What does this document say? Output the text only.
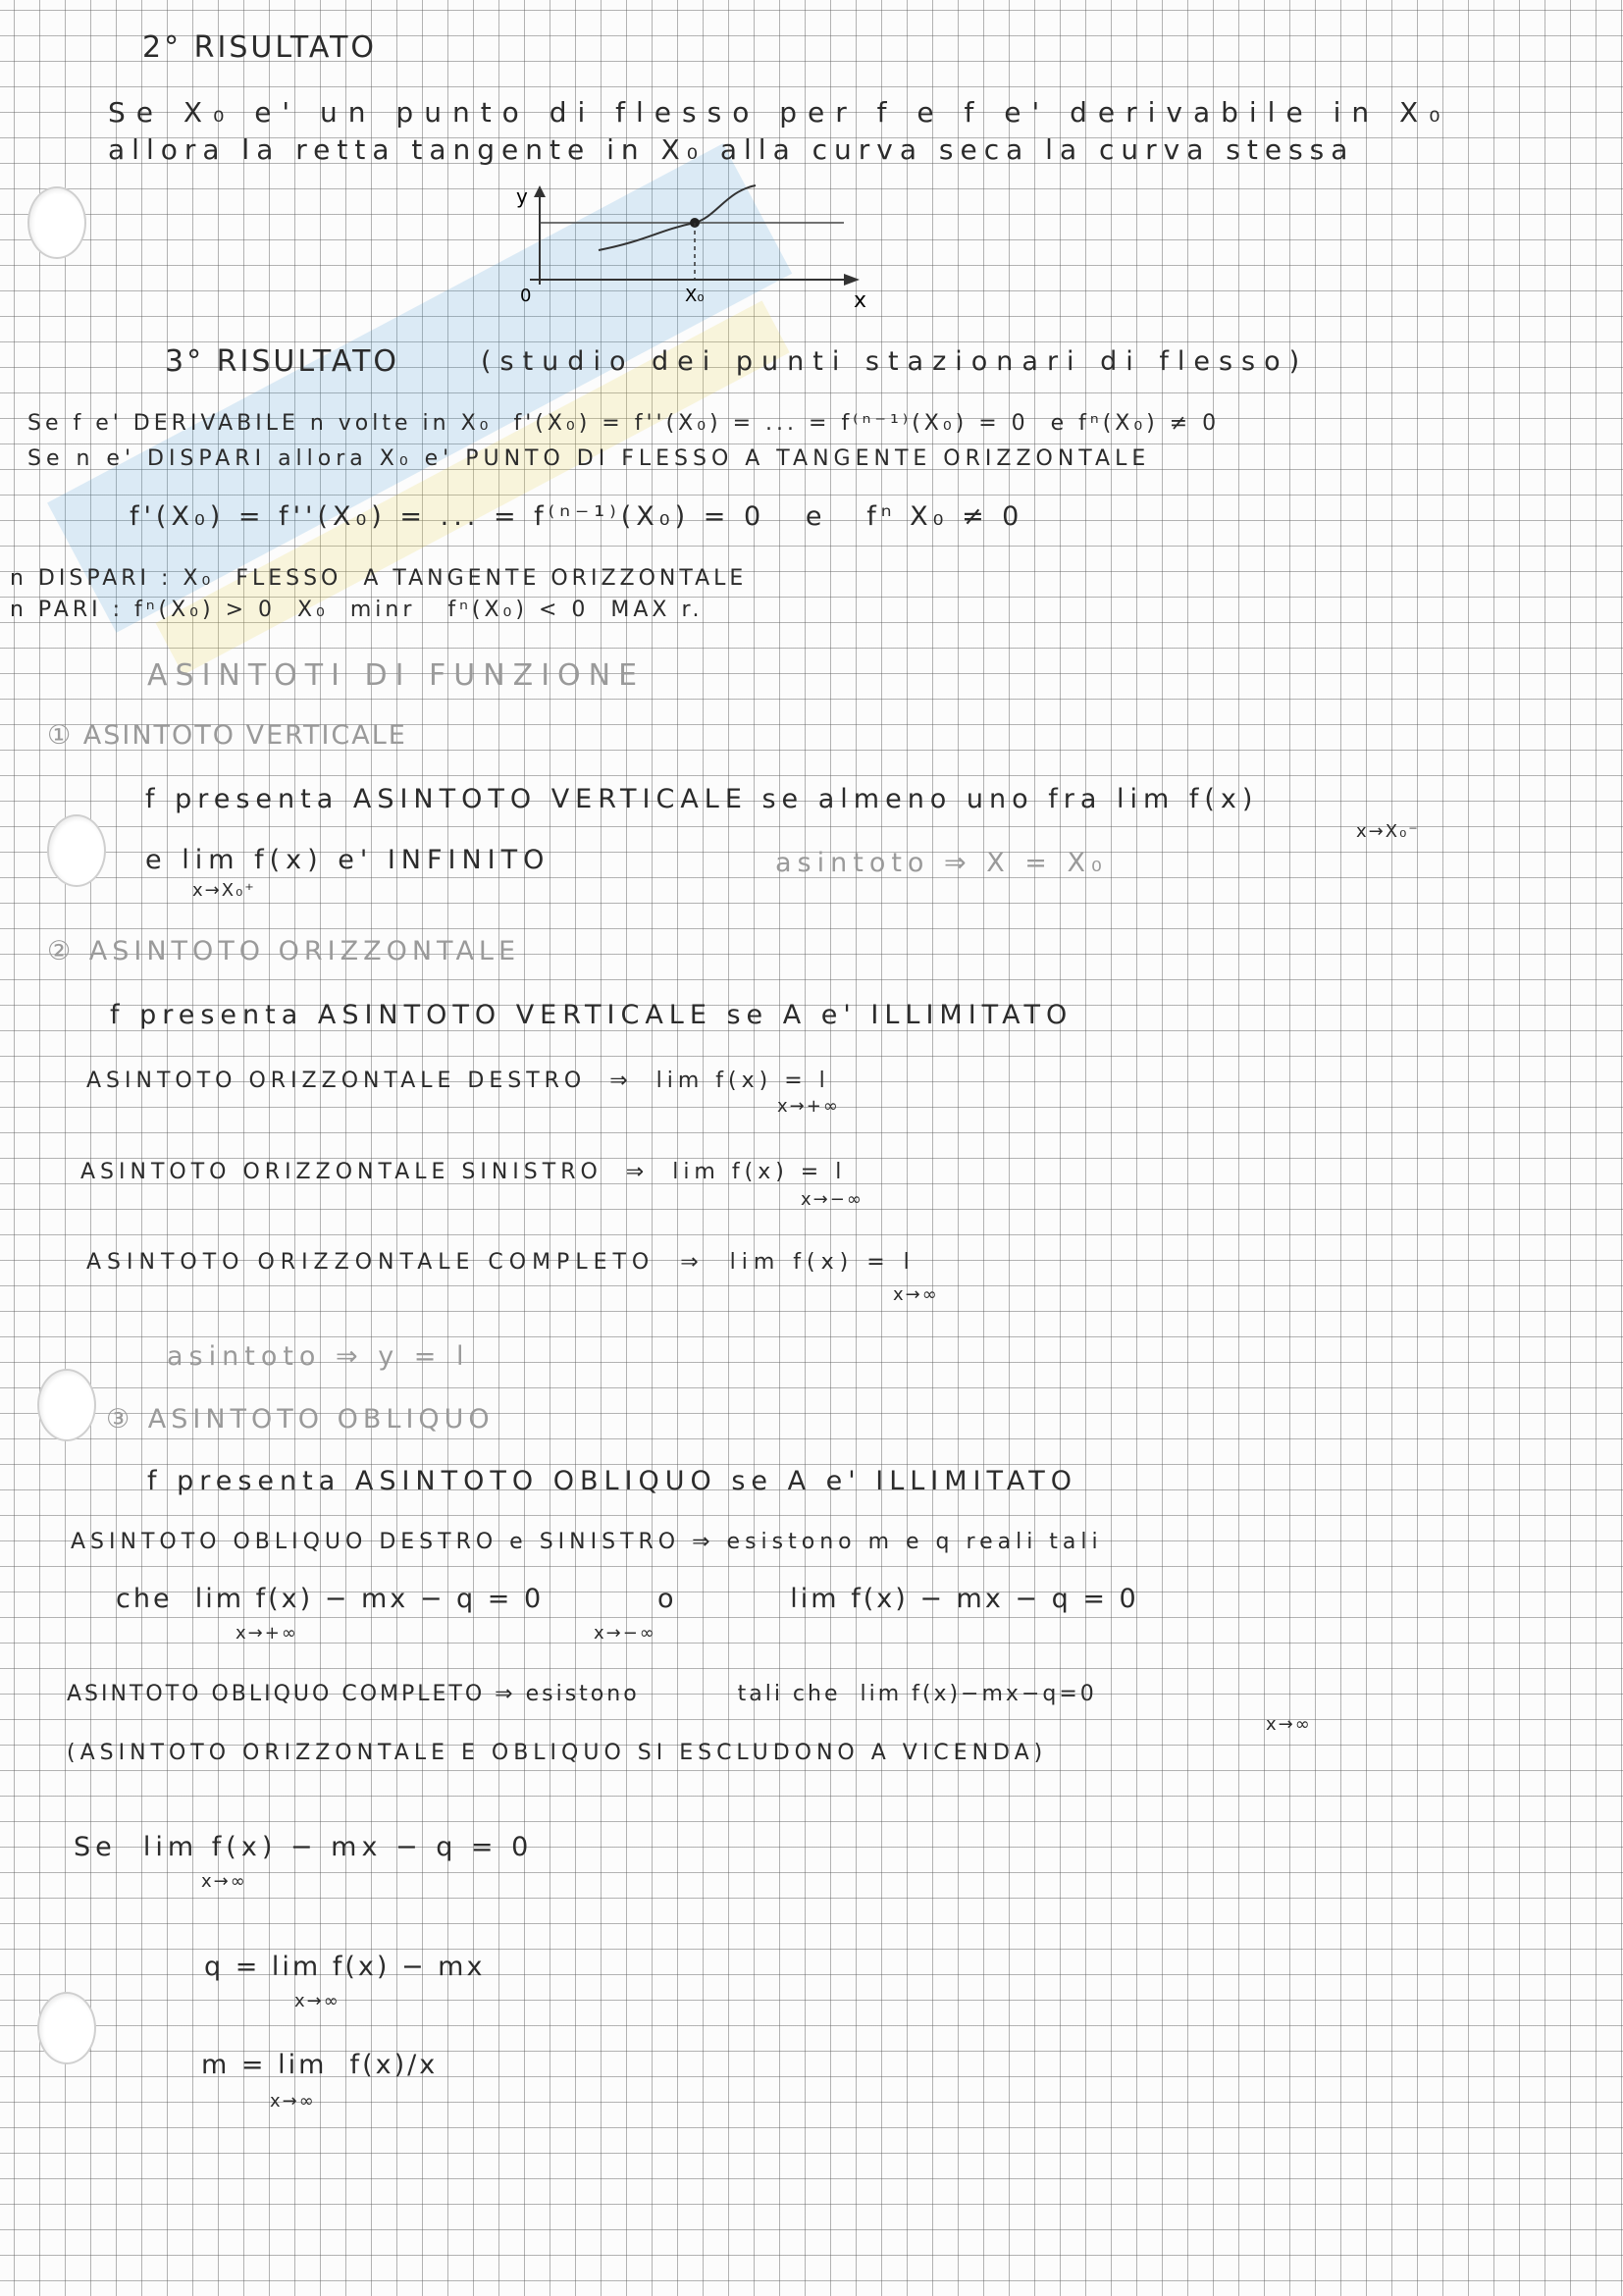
2° RISULTATO
Se X₀ e' un punto di flesso per f e f e' derivabile in X₀
allora la retta tangente in X₀ alla curva seca la curva stessa
y
x
0	X₀
3° RISULTATO	(studio dei punti stazionari di flesso)
Se f e' DERIVABILE n volte in X₀  f'(X₀) = f''(X₀) = ... = f⁽ⁿ⁻¹⁾(X₀) = 0  e fⁿ(X₀) ≠ 0
Se n e' DISPARI allora X₀ e' PUNTO DI FLESSO A TANGENTE ORIZZONTALE
f'(X₀) = f''(X₀) = ... = f⁽ⁿ⁻¹⁾(X₀) = 0   e   fⁿ X₀ ≠ 0
n DISPARI : X₀  FLESSO  A TANGENTE ORIZZONTALE
n PARI : fⁿ(X₀) > 0  X₀  minr   fⁿ(X₀) < 0  MAX r.
ASINTOTI DI FUNZIONE
① ASINTOTO VERTICALE
f presenta ASINTOTO VERTICALE se almeno uno fra lim f(x)
x→X₀⁻
e lim f(x) e' INFINITO
x→X₀⁺
asintoto ⇒ X = X₀
② ASINTOTO ORIZZONTALE
f presenta ASINTOTO VERTICALE se A e' ILLIMITATO
ASINTOTO ORIZZONTALE DESTRO  ⇒  lim f(x) = l
x→+∞
ASINTOTO ORIZZONTALE SINISTRO  ⇒  lim f(x) = l
x→−∞
ASINTOTO ORIZZONTALE COMPLETO  ⇒  lim f(x) = l
x→∞
asintoto ⇒ y = l
③ ASINTOTO OBLIQUO
f presenta ASINTOTO OBLIQUO se A e' ILLIMITATO
ASINTOTO OBLIQUO DESTRO e SINISTRO ⇒ esistono m e q reali tali
che  lim f(x) − mx − q = 0          o          lim f(x) − mx − q = 0
x→+∞                                       x→−∞
ASINTOTO OBLIQUO COMPLETO ⇒ esistono          tali che  lim f(x)−mx−q=0
x→∞
(ASINTOTO ORIZZONTALE E OBLIQUO SI ESCLUDONO A VICENDA)
Se  lim f(x) − mx − q = 0
x→∞
q = lim f(x) − mx
x→∞
m = lim  f(x)/x
x→∞
